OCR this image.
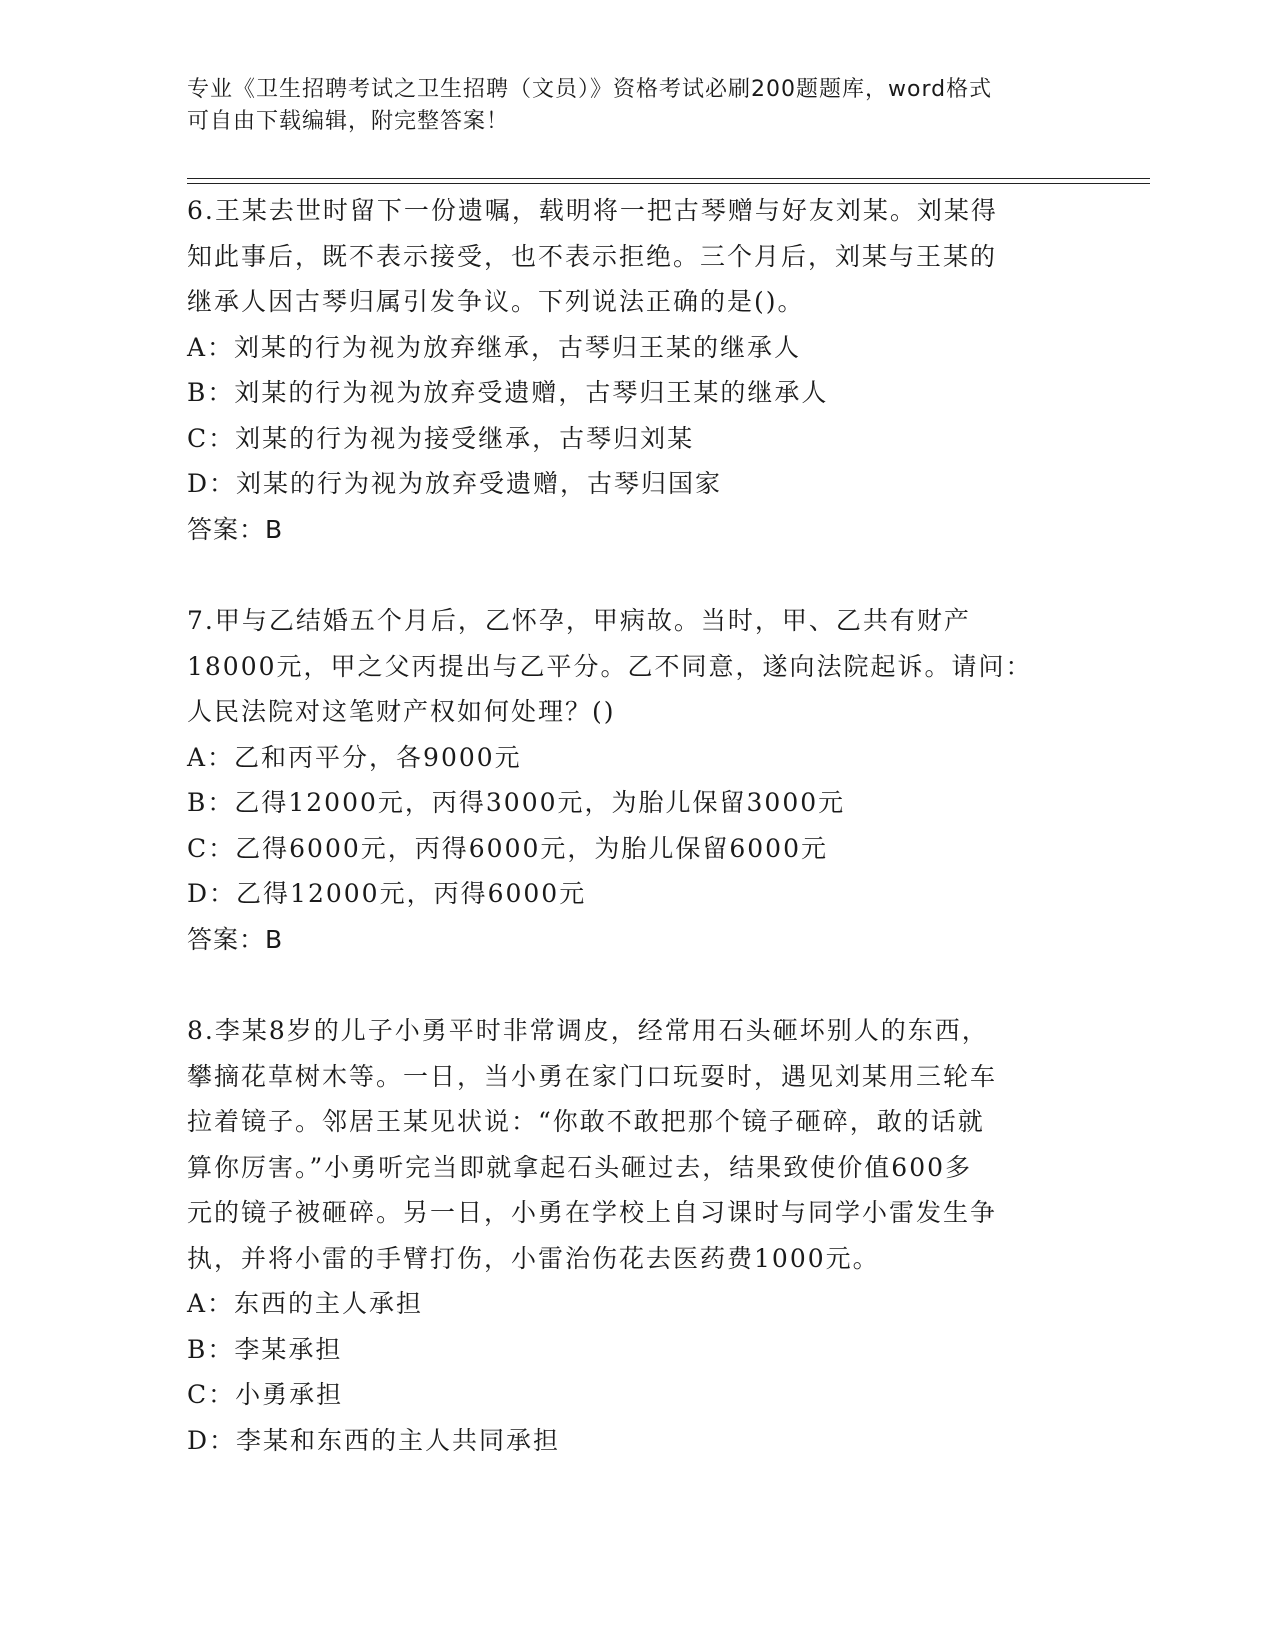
专业《卫生招聘考试之卫生招聘（文员）》资格考试必刷200题题库，word格式
可自由下载编辑，附完整答案！
6.王某去世时留下一份遗嘱，载明将一把古琴赠与好友刘某。刘某得
知此事后，既不表示接受，也不表示拒绝。三个月后，刘某与王某的
继承人因古琴归属引发争议。下列说法正确的是()。
A：刘某的行为视为放弃继承，古琴归王某的继承人
B：刘某的行为视为放弃受遗赠，古琴归王某的继承人
C：刘某的行为视为接受继承，古琴归刘某
D：刘某的行为视为放弃受遗赠，古琴归国家
答案：B
7.甲与乙结婚五个月后，乙怀孕，甲病故。当时，甲、乙共有财产
18000元，甲之父丙提出与乙平分。乙不同意，遂向法院起诉。请问：
人民法院对这笔财产权如何处理？()
A：乙和丙平分，各9000元
B：乙得12000元，丙得3000元，为胎儿保留3000元
C：乙得6000元，丙得6000元，为胎儿保留6000元
D：乙得12000元，丙得6000元
答案：B
8.李某8岁的儿子小勇平时非常调皮，经常用石头砸坏别人的东西，
攀摘花草树木等。一日，当小勇在家门口玩耍时，遇见刘某用三轮车
拉着镜子。邻居王某见状说：“你敢不敢把那个镜子砸碎，敢的话就
算你厉害。”小勇听完当即就拿起石头砸过去，结果致使价值600多
元的镜子被砸碎。另一日，小勇在学校上自习课时与同学小雷发生争
执，并将小雷的手臂打伤，小雷治伤花去医药费1000元。
A：东西的主人承担
B：李某承担
C：小勇承担
D：李某和东西的主人共同承担
